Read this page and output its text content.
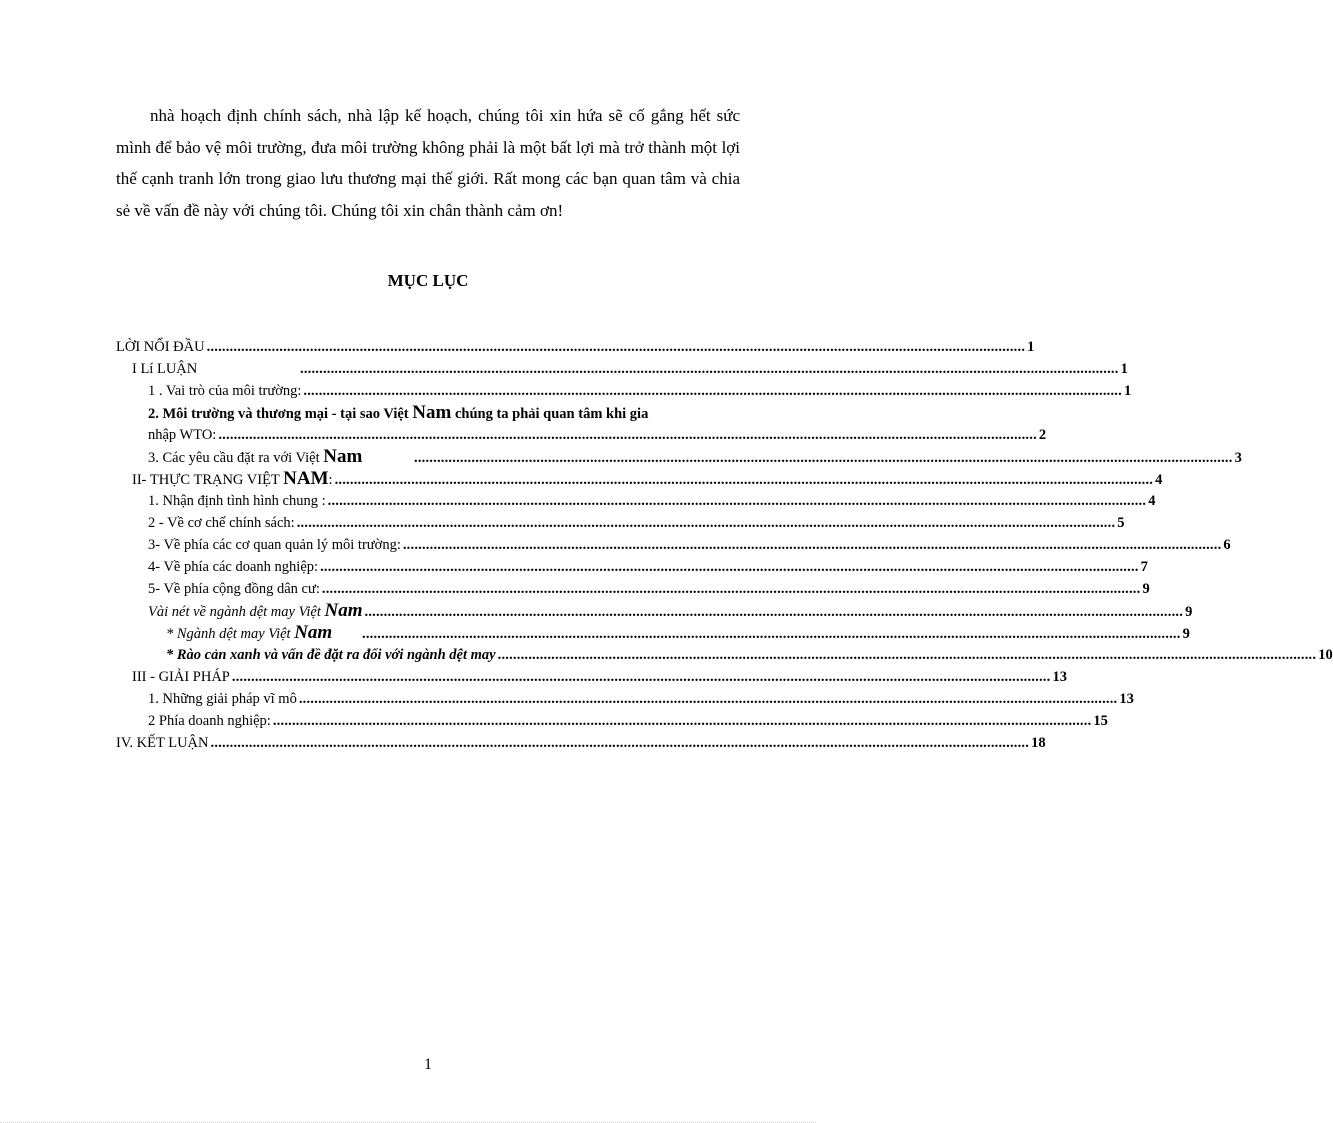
nhà hoạch định chính sách, nhà lập kế hoạch, chúng tôi xin hứa sẽ cố gắng hết sức mình để bảo vệ môi trường, đưa môi trường không phải là một bất lợi mà trở thành một lợi thế cạnh tranh lớn trong giao lưu thương mại thế giới. Rất mong các bạn quan tâm và chia sẻ về vấn đề này với chúng tôi. Chúng tôi xin chân thành cảm ơn!

MỤC LỤC
LỜI NỔI ĐẦU ...................................................................................................................................................................................................................... 1
I Lí LUẬN	...................................................................................................................................................................................................................... 1
1 . Vai trò của môi trường: ...................................................................................................................................................................................................................... 1
2. Môi trường và thương mại - tại sao Việt Nam chúng ta phải quan tâm khi gia
nhập WTO: ...................................................................................................................................................................................................................... 2
3. Các yêu cầu đặt ra với Việt Nam	...................................................................................................................................................................................................................... 3
II- THỰC TRẠNG VIỆT NAM: ...................................................................................................................................................................................................................... 4
1. Nhận định tình hình chung : ...................................................................................................................................................................................................................... 4
2 - Về cơ chế chính sách: ...................................................................................................................................................................................................................... 5
3- Về phía các cơ quan quản lý môi trường: ...................................................................................................................................................................................................................... 6
4- Về phía các doanh nghiệp: ...................................................................................................................................................................................................................... 7
5- Về phía cộng đồng dân cư: ...................................................................................................................................................................................................................... 9
Vài nét về ngành dệt may Việt Nam ...................................................................................................................................................................................................................... 9
* Ngành dệt may Việt Nam	...................................................................................................................................................................................................................... 9
* Rào cản xanh và vấn đề đặt ra đối với ngành dệt may ...................................................................................................................................................................................................................... 10
III - GIẢI PHÁP ...................................................................................................................................................................................................................... 13
1. Những giải pháp vĩ mô ...................................................................................................................................................................................................................... 13
2 Phía doanh nghiệp: ...................................................................................................................................................................................................................... 15
IV. KẾT LUẬN ...................................................................................................................................................................................................................... 18
1
